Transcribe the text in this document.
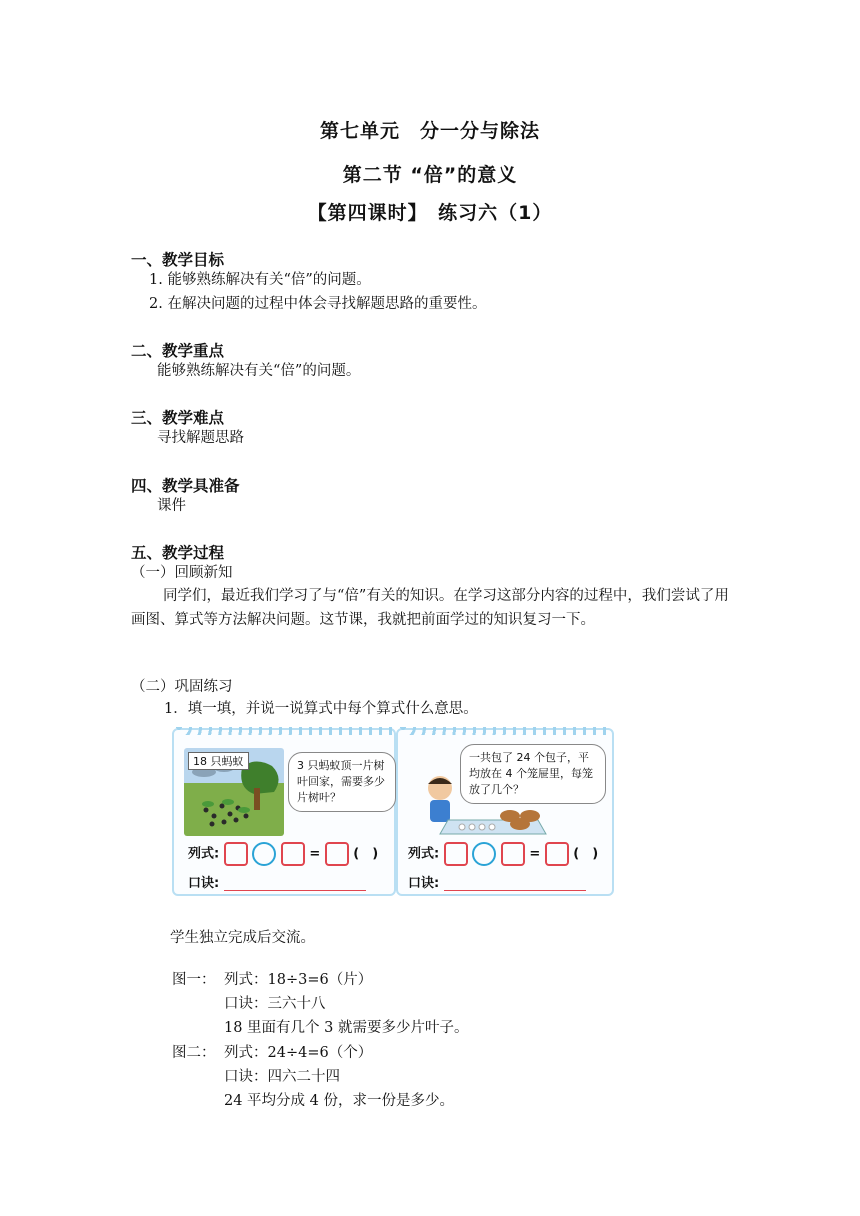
第七单元　分一分与除法
第二节 “倍”的意义
【第四课时】　练习六（1）
一、教学目标
1. 能够熟练解决有关“倍”的问题。
2. 在解决问题的过程中体会寻找解题思路的重要性。
二、教学重点
能够熟练解决有关“倍”的问题。
三、教学难点
寻找解题思路
四、教学具准备
课件
五、教学过程
（一）回顾新知
同学们，最近我们学习了与“倍”有关的知识。在学习这部分内容的过程中，我们尝试了用画图、算式等方法解决问题。这节课，我就把前面学过的知识复习一下。
（二）巩固练习
1．填一填，并说一说算式中每个算式什么意思。
18 只蚂蚁	3 只蚂蚁顶一片树叶回家，需要多少片树叶？
列式:	=	(　)
口诀:
一共包了 24 个包子，平均放在 4 个笼屉里，每笼放了几个？
列式:	=	(　)
口诀:
学生独立完成后交流。
图一： 列式：18÷3=6（片）
口诀：三六十八
18 里面有几个 3 就需要多少片叶子。
图二： 列式：24÷4=6（个）
口诀：四六二十四
24 平均分成 4 份，求一份是多少。
